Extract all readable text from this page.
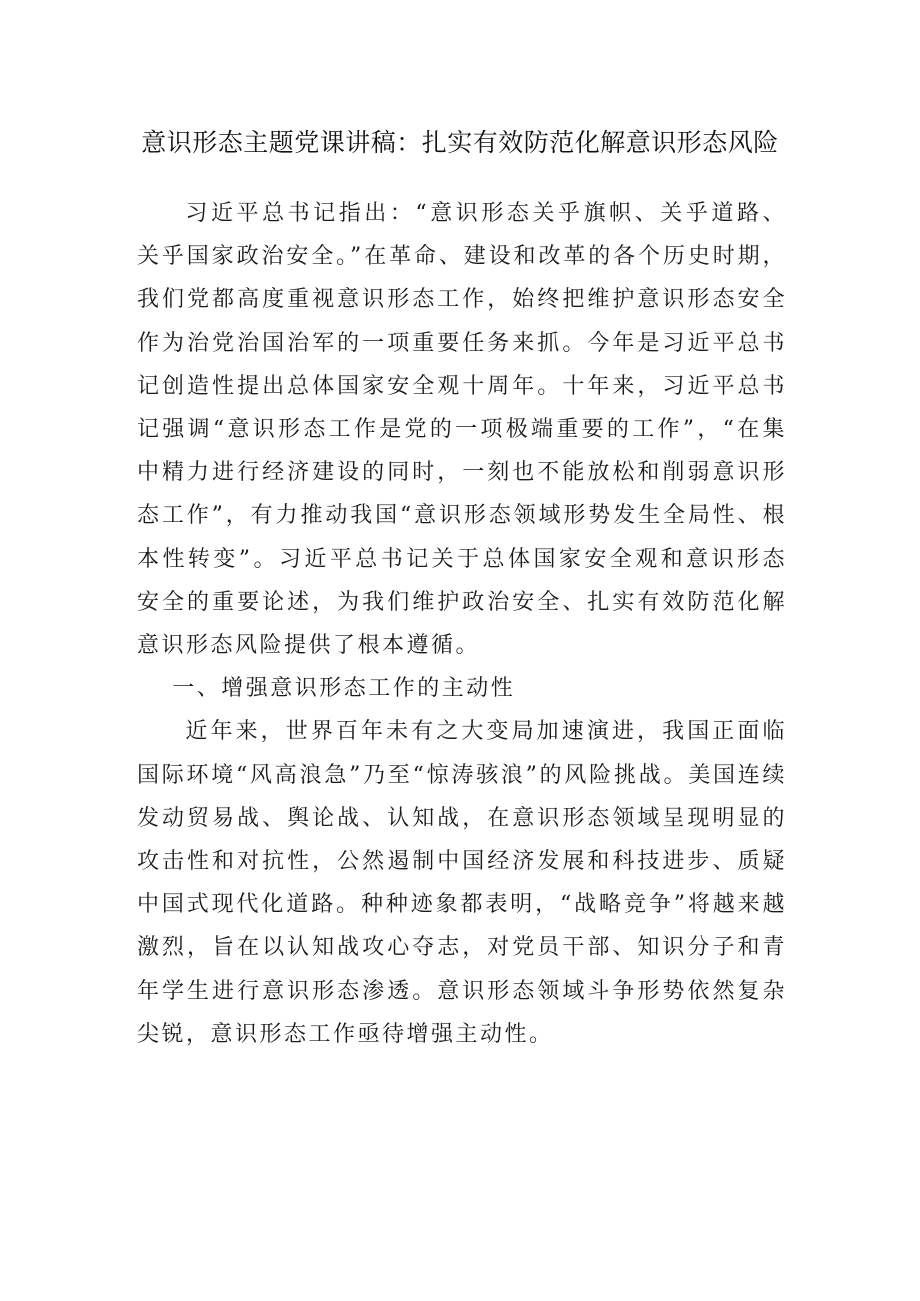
意识形态主题党课讲稿：扎实有效防范化解意识形态风险

习近平总书记指出：“意识形态关乎旗帜、关乎道路、关乎国家政治安全。”在革命、建设和改革的各个历史时期，我们党都高度重视意识形态工作，始终把维护意识形态安全作为治党治国治军的一项重要任务来抓。今年是习近平总书记创造性提出总体国家安全观十周年。十年来，习近平总书记强调“意识形态工作是党的一项极端重要的工作”，“在集中精力进行经济建设的同时，一刻也不能放松和削弱意识形态工作”，有力推动我国“意识形态领域形势发生全局性、根本性转变”。习近平总书记关于总体国家安全观和意识形态安全的重要论述，为我们维护政治安全、扎实有效防范化解意识形态风险提供了根本遵循。

一、增强意识形态工作的主动性

近年来，世界百年未有之大变局加速演进，我国正面临国际环境“风高浪急”乃至“惊涛骇浪”的风险挑战。美国连续发动贸易战、舆论战、认知战，在意识形态领域呈现明显的攻击性和对抗性，公然遏制中国经济发展和科技进步、质疑中国式现代化道路。种种迹象都表明，“战略竞争”将越来越激烈，旨在以认知战攻心夺志，对党员干部、知识分子和青年学生进行意识形态渗透。意识形态领域斗争形势依然复杂尖锐，意识形态工作亟待增强主动性。
